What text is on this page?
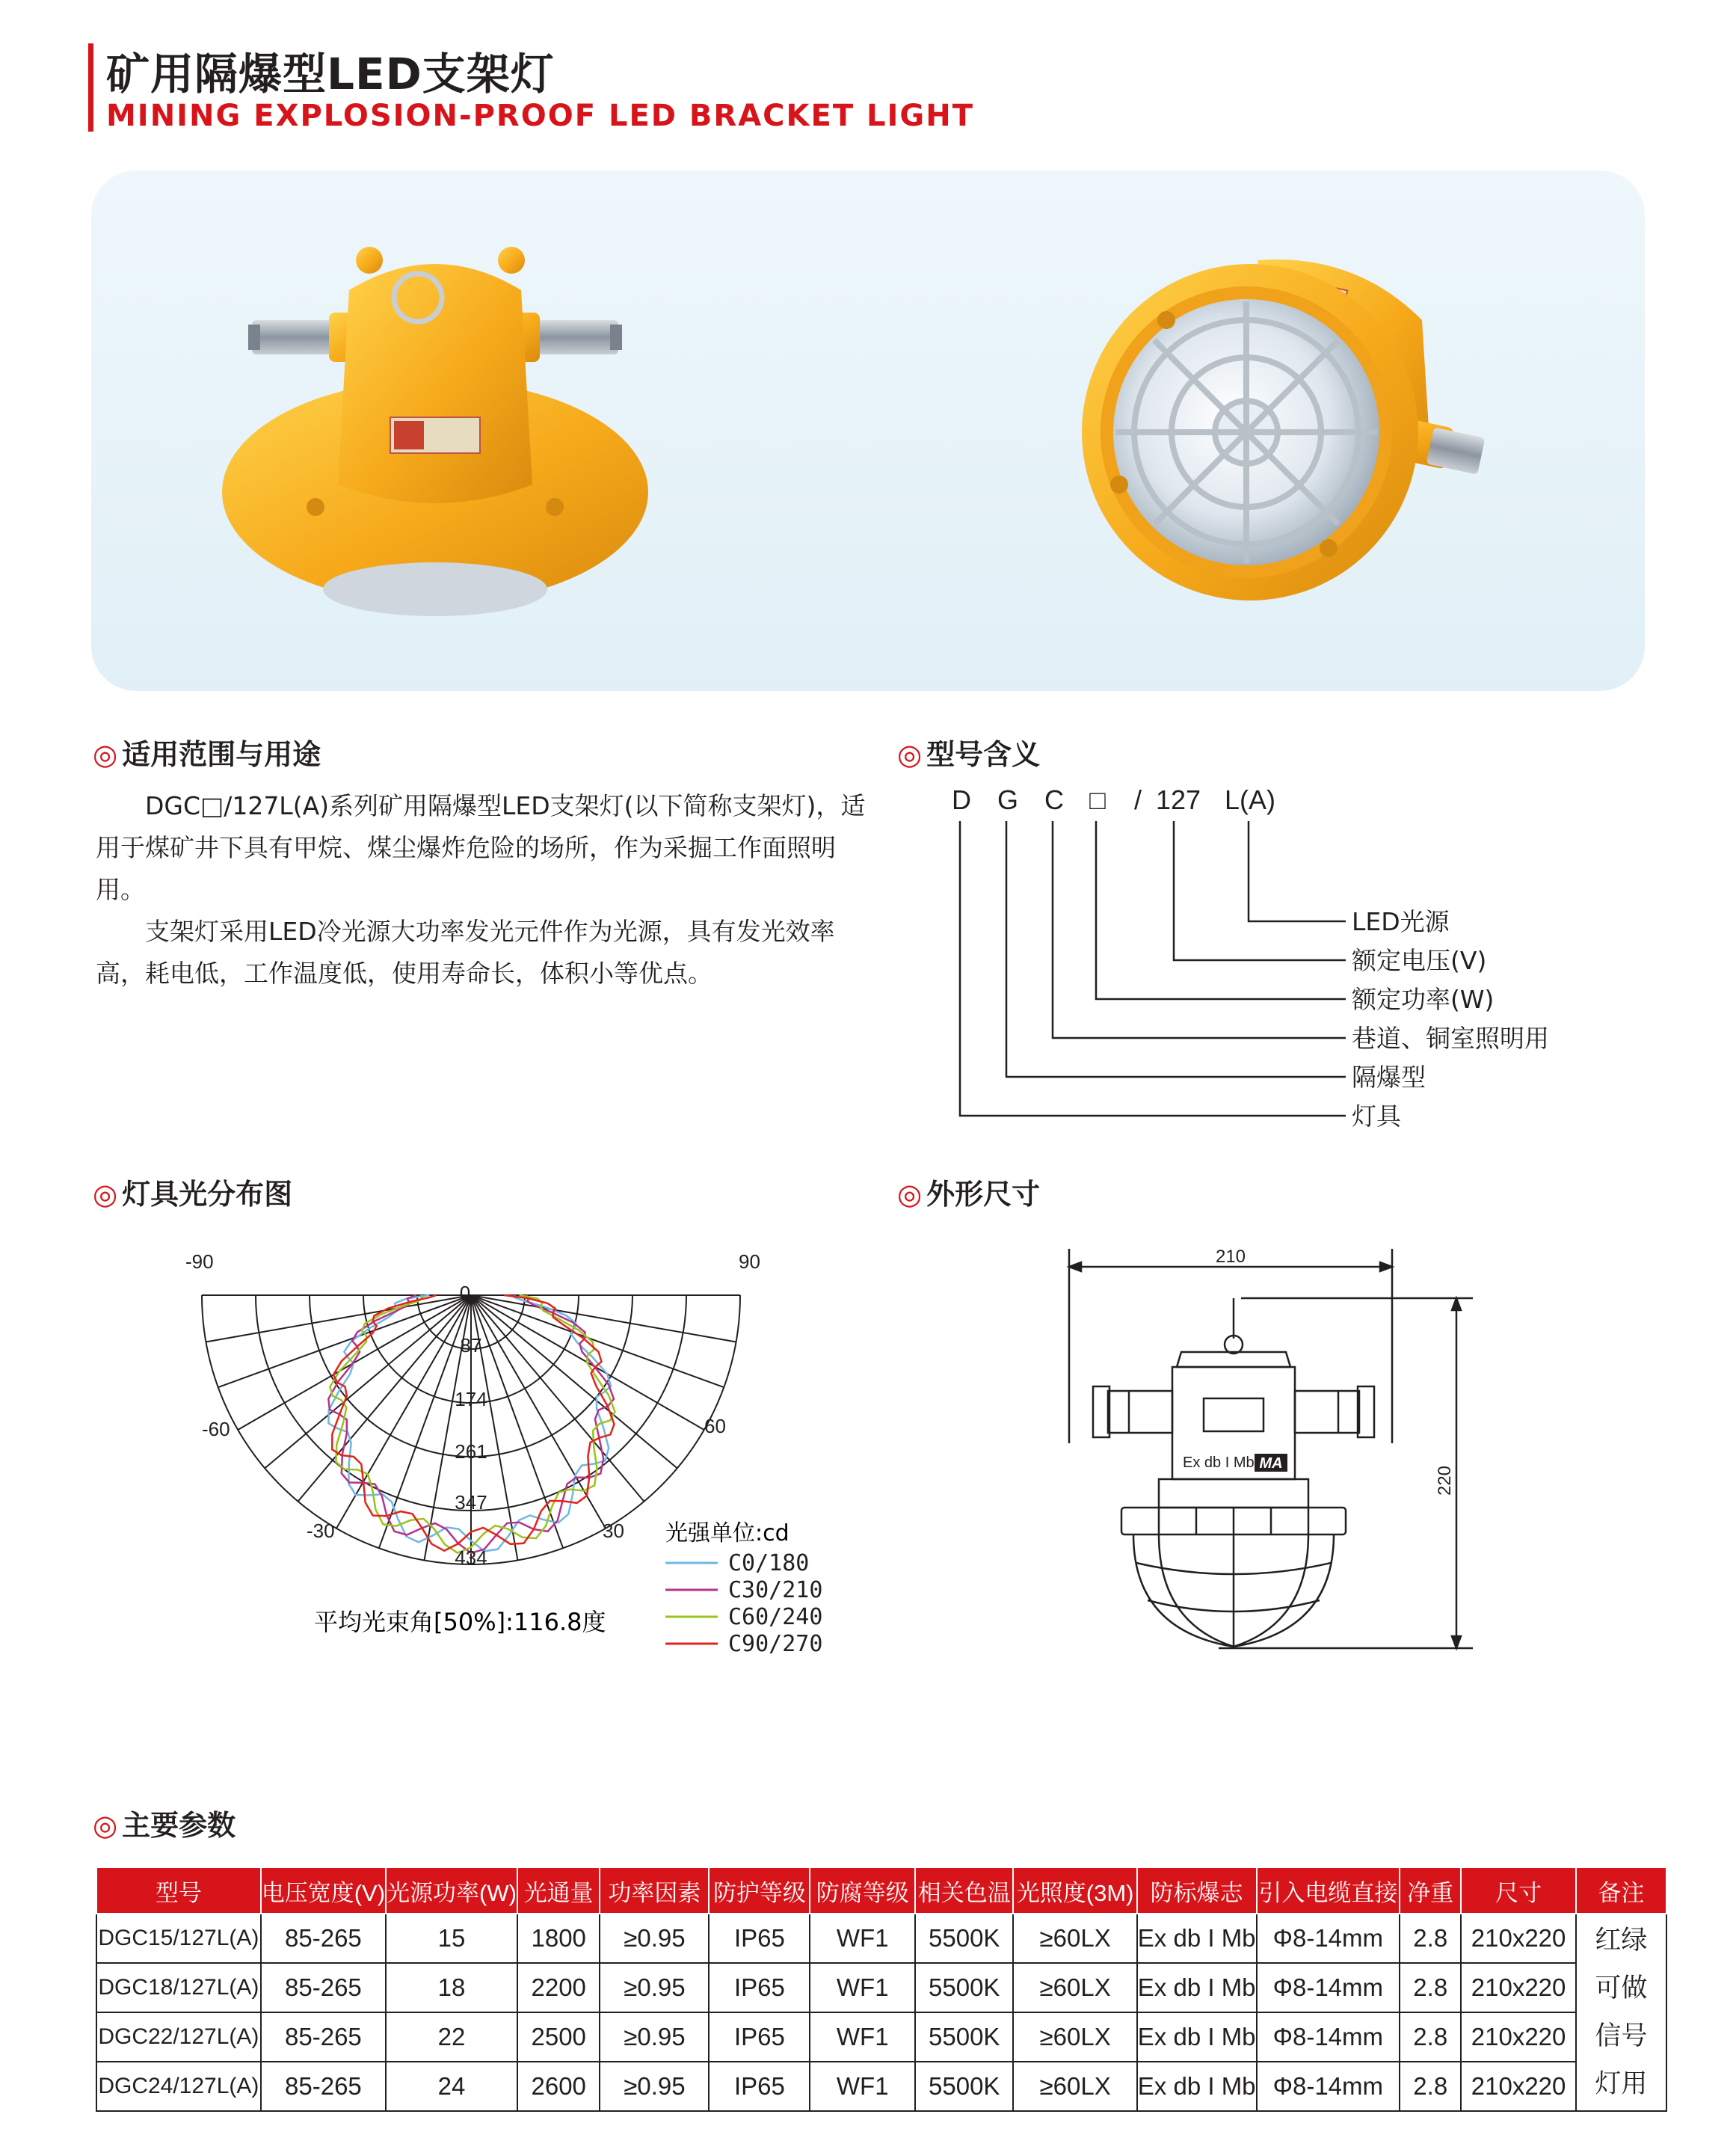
矿用隔爆型LED支架灯
MINING EXPLOSION-PROOF LED BRACKET LIGHT
◎ 适用范围与用途
DGC□/127L(A)系列矿用隔爆型LED支架灯(以下简称支架灯)，适用于煤矿井下具有甲烷、煤尘爆炸危险的场所，作为采掘工作面照明用。
支架灯采用LED冷光源大功率发光元件作为光源，具有发光效率高，耗电低，工作温度低，使用寿命长，体积小等优点。
◎ 型号含义
D G C □ / 127 L(A)
LED光源
额定电压(V)
额定功率(W)
巷道、铜室照明用
隔爆型
灯具
◎ 灯具光分布图
-90	90
-60	60
-30	30
0
87
174
261
347
434
光强单位:cd
C0/180
C30/210
C60/240
C90/270
平均光束角[50%]:116.8度
◎ 外形尺寸
210
220
Ex db I Mb MA
◎ 主要参数
型号	电压宽度(V)	光源功率(W)	光通量	功率因素	防护等级	防腐等级	相关色温	光照度(3M)	防标爆志	引入电缆直接	净重	尺寸	备注
DGC15/127L(A)	85-265	15	1800	≥0.95	IP65	WF1	5500K	≥60LX	Ex db I Mb	Φ8-14mm	2.8	210x220	红绿
可做
信号
灯用

DGC18/127L(A)	85-265	18	2200	≥0.95	IP65	WF1	5500K	≥60LX	Ex db I Mb	Φ8-14mm	2.8	210x220	
DGC22/127L(A)	85-265	22	2500	≥0.95	IP65	WF1	5500K	≥60LX	Ex db I Mb	Φ8-14mm	2.8	210x220	
DGC24/127L(A)	85-265	24	2600	≥0.95	IP65	WF1	5500K	≥60LX	Ex db I Mb	Φ8-14mm	2.8	210x220	
